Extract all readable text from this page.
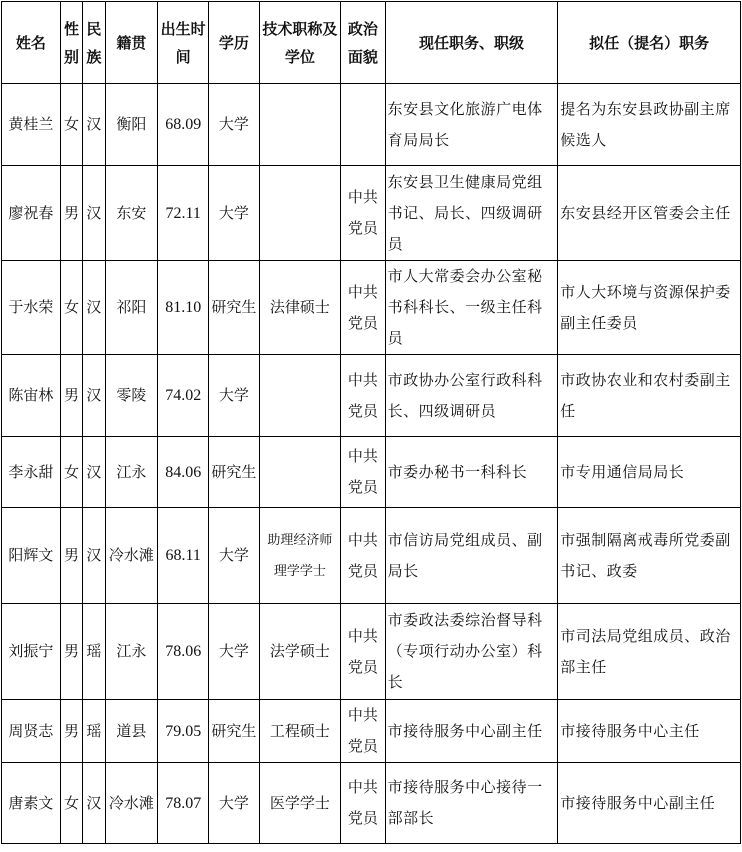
姓名	性别	民族	籍贯	出生时间	学历	技术职称及学位	政治面貌	现任职务、职级	拟任（提名）职务
黄桂兰	女	汉	衡阳	68.09	大学			东安县文化旅游广电体育局局长	提名为东安县政协副主席候选人
廖祝春	男	汉	东安	72.11	大学		中共党员	东安县卫生健康局党组书记、局长、四级调研员	东安县经开区管委会主任
于水荣	女	汉	祁阳	81.10	研究生	法律硕士	中共党员	市人大常委会办公室秘书科科长、一级主任科员	市人大环境与资源保护委副主任委员
陈宙林	男	汉	零陵	74.02	大学		中共党员	市政协办公室行政科科长、四级调研员	市政协农业和农村委副主任
李永甜	女	汉	江永	84.06	研究生		中共党员	市委办秘书一科科长	市专用通信局局长
阳辉文	男	汉	冷水滩	68.11	大学	助理经济师理学学士	中共党员	市信访局党组成员、副局长	市强制隔离戒毒所党委副书记、政委
刘振宁	男	瑶	江永	78.06	大学	法学硕士	中共党员	市委政法委综治督导科（专项行动办公室）科长	市司法局党组成员、政治部主任
周贤志	男	瑶	道县	79.05	研究生	工程硕士	中共党员	市接待服务中心副主任	市接待服务中心主任
唐素文	女	汉	冷水滩	78.07	大学	医学学士	中共党员	市接待服务中心接待一部部长	市接待服务中心副主任
